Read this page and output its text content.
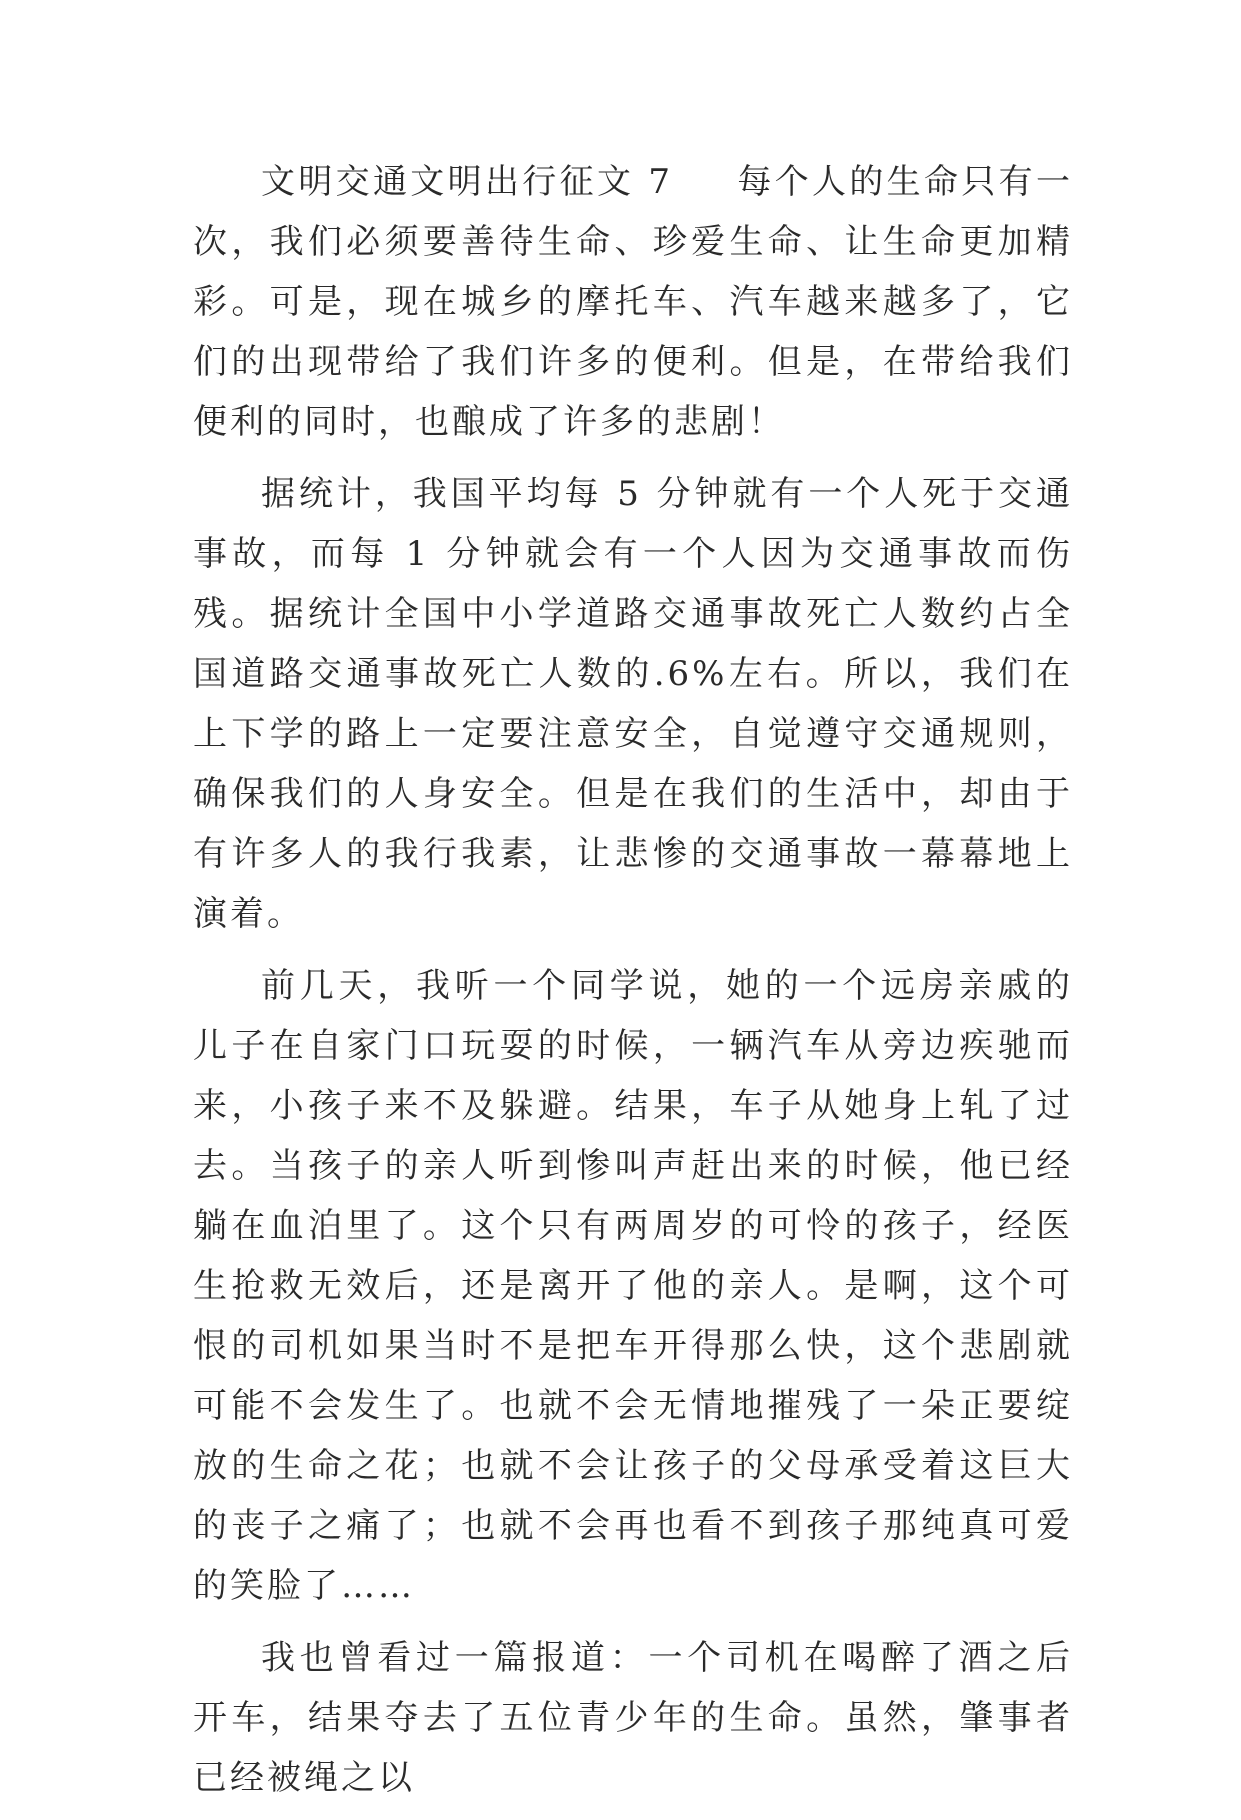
文明交通文明出行征文 7 每个人的生命只有一次，我们必须要善待生命、珍爱生命、让生命更加精彩。可是，现在城乡的摩托车、汽车越来越多了，它们的出现带给了我们许多的便利。但是，在带给我们便利的同时，也酿成了许多的悲剧！

据统计，我国平均每 5 分钟就有一个人死于交通事故，而每 1 分钟就会有一个人因为交通事故而伤残。据统计全国中小学道路交通事故死亡人数约占全国道路交通事故死亡人数的.6%左右。所以，我们在上下学的路上一定要注意安全，自觉遵守交通规则，确保我们的人身安全。但是在我们的生活中，却由于有许多人的我行我素，让悲惨的交通事故一幕幕地上演着。

前几天，我听一个同学说，她的一个远房亲戚的儿子在自家门口玩耍的时候，一辆汽车从旁边疾驰而来，小孩子来不及躲避。结果，车子从她身上轧了过去。当孩子的亲人听到惨叫声赶出来的时候，他已经躺在血泊里了。这个只有两周岁的可怜的孩子，经医生抢救无效后，还是离开了他的亲人。是啊，这个可恨的司机如果当时不是把车开得那么快，这个悲剧就可能不会发生了。也就不会无情地摧残了一朵正要绽放的生命之花；也就不会让孩子的父母承受着这巨大的丧子之痛了；也就不会再也看不到孩子那纯真可爱的笑脸了……

我也曾看过一篇报道：一个司机在喝醉了酒之后开车，结果夺去了五位青少年的生命。虽然，肇事者已经被绳之以
